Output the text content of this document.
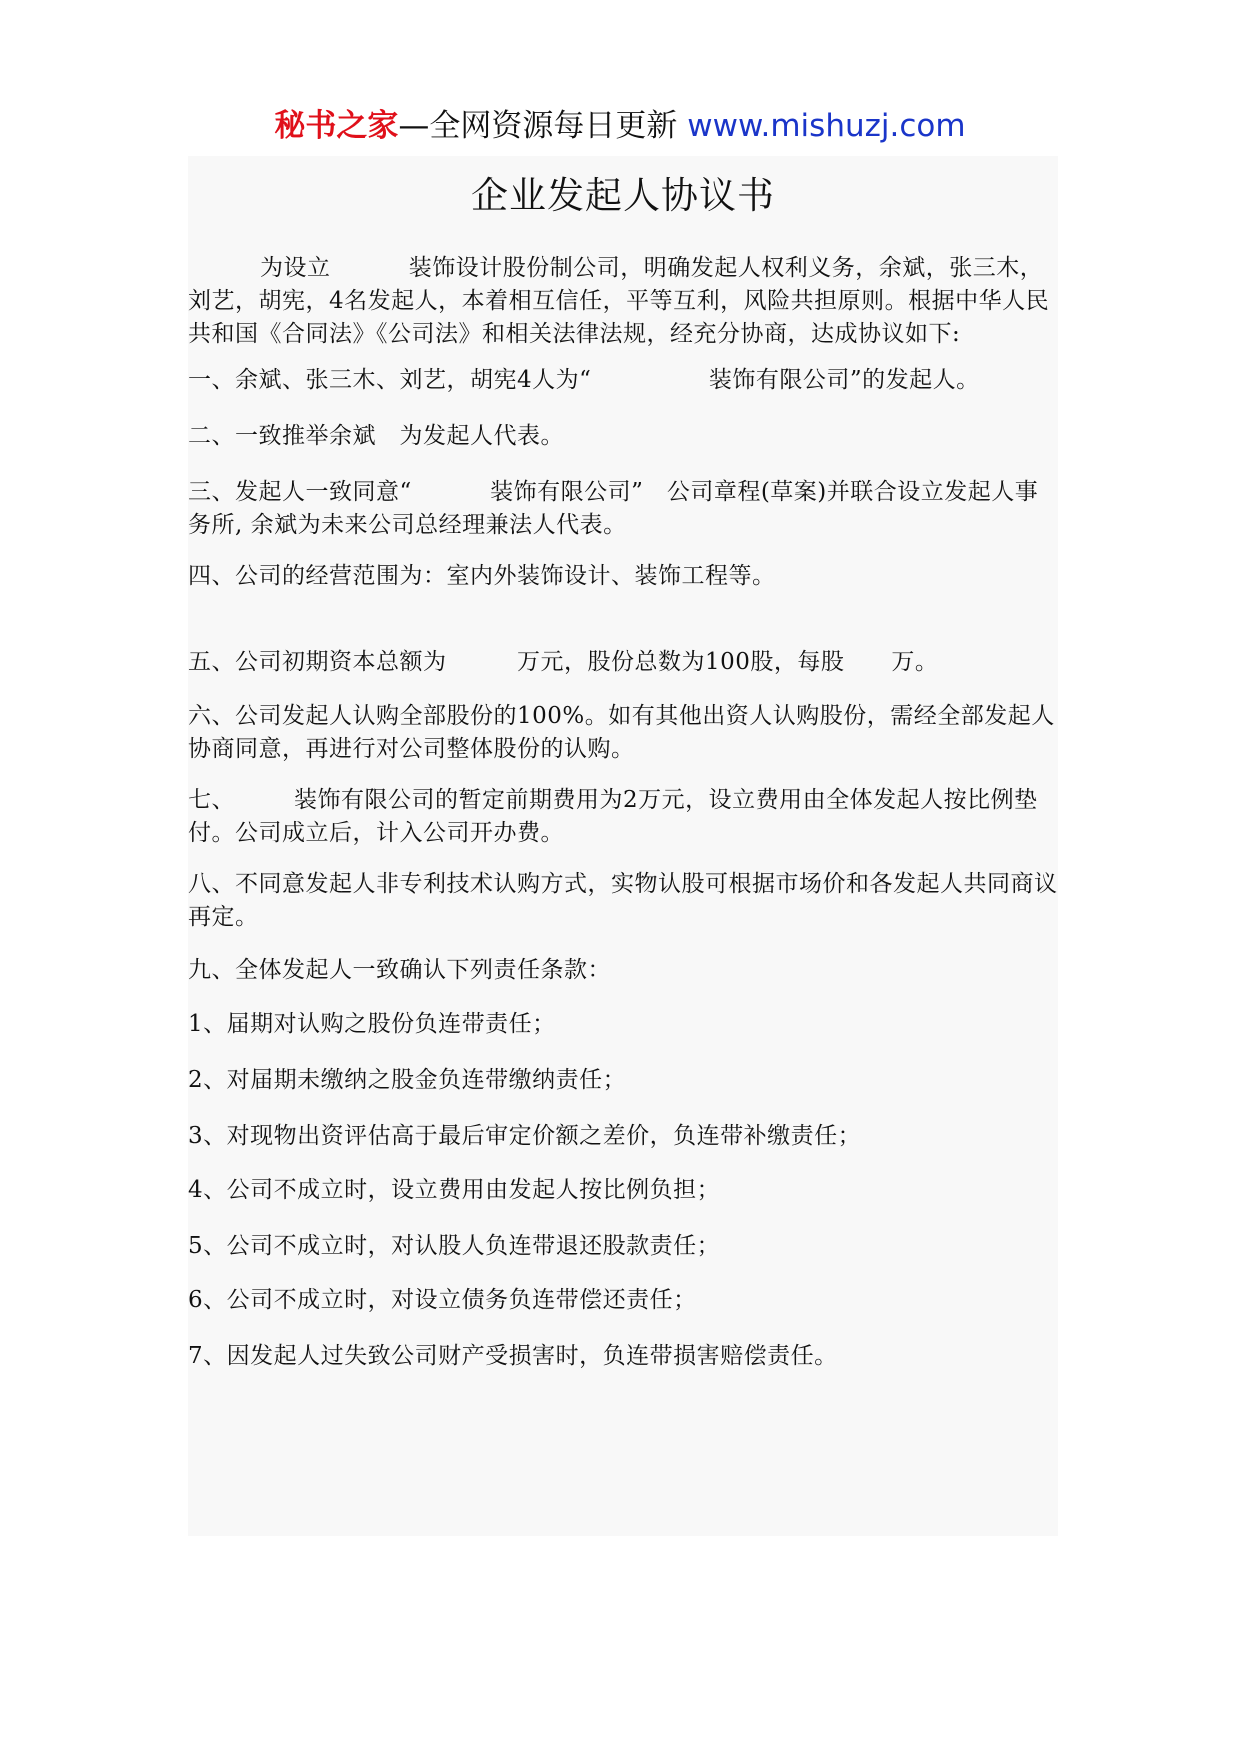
秘书之家—全网资源每日更新 www.mishuzj.com
企业发起人协议书

为设立　　　 装饰设计股份制公司，明确发起人权利义务，余斌，张三木，刘艺，胡宪，4名发起人，本着相互信任，平等互利，风险共担原则。根据中华人民共和国《合同法》《公司法》和相关法律法规，经充分协商，达成协议如下:

一、余斌、张三木、刘艺，胡宪4人为“　　　　　装饰有限公司”的发起人。

二、一致推举余斌　为发起人代表。

三、发起人一致同意“　　　 装饰有限公司”　公司章程(草案)并联合设立发起人事务所, 余斌为未来公司总经理兼法人代表。

四、公司的经营范围为：室内外装饰设计、装饰工程等。

五、公司初期资本总额为　　　万元，股份总数为100股，每股　　万。

六、公司发起人认购全部股份的100%。如有其他出资人认购股份，需经全部发起人协商同意，再进行对公司整体股份的认购。

七、　　　装饰有限公司的暂定前期费用为2万元，设立费用由全体发起人按比例垫付。公司成立后，计入公司开办费。

八、不同意发起人非专利技术认购方式，实物认股可根据市场价和各发起人共同商议再定。

九、全体发起人一致确认下列责任条款：

1、届期对认购之股份负连带责任；

2、对届期未缴纳之股金负连带缴纳责任；

3、对现物出资评估高于最后审定价额之差价，负连带补缴责任；

4、公司不成立时，设立费用由发起人按比例负担；

5、公司不成立时，对认股人负连带退还股款责任；

6、公司不成立时，对设立债务负连带偿还责任；

7、因发起人过失致公司财产受损害时，负连带损害赔偿责任。
